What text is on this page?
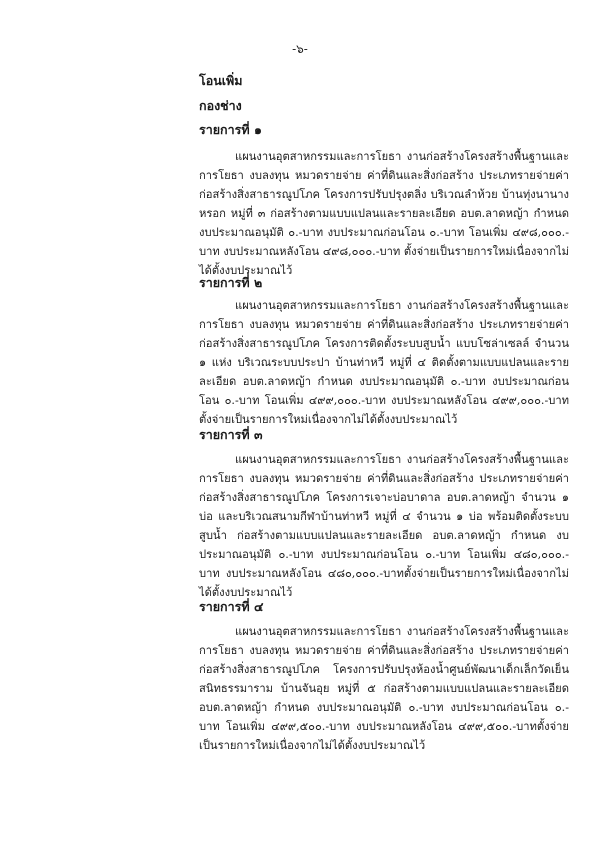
-๖-
โอนเพิ่ม
กองช่าง
รายการที่ ๑
แผนงานอุตสาหกรรมและการโยธา งานก่อสร้างโครงสร้างพื้นฐานและการโยธา งบลงทุน หมวดรายจ่าย ค่าที่ดินและสิ่งก่อสร้าง ประเภทรายจ่ายค่าก่อสร้างสิ่งสาธารณูปโภค โครงการปรับปรุงตลิ่ง บริเวณลำห้วย บ้านทุ่งนานางหรอก หมู่ที่ ๓ ก่อสร้างตามแบบแปลนและรายละเอียด อบต.ลาดหญ้า กำหนด งบประมาณอนุมัติ ๐.-บาท งบประมาณก่อนโอน ๐.-บาท โอนเพิ่ม ๔๙๘,๐๐๐.-บาท งบประมาณหลังโอน ๔๙๘,๐๐๐.-บาท ตั้งจ่ายเป็นรายการใหม่เนื่องจากไม่ได้ตั้งงบประมาณไว้
รายการที่ ๒
แผนงานอุตสาหกรรมและการโยธา งานก่อสร้างโครงสร้างพื้นฐานและการโยธา งบลงทุน หมวดรายจ่าย ค่าที่ดินและสิ่งก่อสร้าง ประเภทรายจ่ายค่าก่อสร้างสิ่งสาธารณูปโภค โครงการติดตั้งระบบสูบน้ำ แบบโซล่าเซลล์ จำนวน ๑ แห่ง บริเวณระบบประปา บ้านท่าหวี หมู่ที่ ๔ ติดตั้งตามแบบแปลนและรายละเอียด อบต.ลาดหญ้า กำหนด งบประมาณอนุมัติ ๐.-บาท งบประมาณก่อนโอน ๐.-บาท โอนเพิ่ม ๔๙๙,๐๐๐.-บาท งบประมาณหลังโอน ๔๙๙,๐๐๐.-บาท ตั้งจ่ายเป็นรายการใหม่เนื่องจากไม่ได้ตั้งงบประมาณไว้
รายการที่ ๓
แผนงานอุตสาหกรรมและการโยธา งานก่อสร้างโครงสร้างพื้นฐานและการโยธา งบลงทุน หมวดรายจ่าย ค่าที่ดินและสิ่งก่อสร้าง ประเภทรายจ่ายค่าก่อสร้างสิ่งสาธารณูปโภค โครงการเจาะบ่อบาดาล อบต.ลาดหญ้า จำนวน ๑ บ่อ และบริเวณสนามกีฬาบ้านท่าหวี หมู่ที่ ๔ จำนวน ๑ บ่อ พร้อมติดตั้งระบบสูบน้ำ ก่อสร้างตามแบบแปลนและรายละเอียด อบต.ลาดหญ้า กำหนด งบประมาณอนุมัติ ๐.-บาท งบประมาณก่อนโอน ๐.-บาท โอนเพิ่ม ๔๘๐,๐๐๐.-บาท งบประมาณหลังโอน ๔๘๐,๐๐๐.-บาทตั้งจ่ายเป็นรายการใหม่เนื่องจากไม่ได้ตั้งงบประมาณไว้
รายการที่ ๔
แผนงานอุตสาหกรรมและการโยธา งานก่อสร้างโครงสร้างพื้นฐานและการโยธา งบลงทุน หมวดรายจ่าย ค่าที่ดินและสิ่งก่อสร้าง ประเภทรายจ่ายค่าก่อสร้างสิ่งสาธารณูปโภค โครงการปรับปรุงห้องน้ำศูนย์พัฒนาเด็กเล็กวัดเย็นสนิทธรรมาราม บ้านจันอุย หมู่ที่ ๕ ก่อสร้างตามแบบแปลนและรายละเอียด อบต.ลาดหญ้า กำหนด งบประมาณอนุมัติ ๐.-บาท งบประมาณก่อนโอน ๐.-บาท โอนเพิ่ม ๔๙๙,๕๐๐.-บาท งบประมาณหลังโอน ๔๙๙,๕๐๐.-บาทตั้งจ่ายเป็นรายการใหม่เนื่องจากไม่ได้ตั้งงบประมาณไว้
